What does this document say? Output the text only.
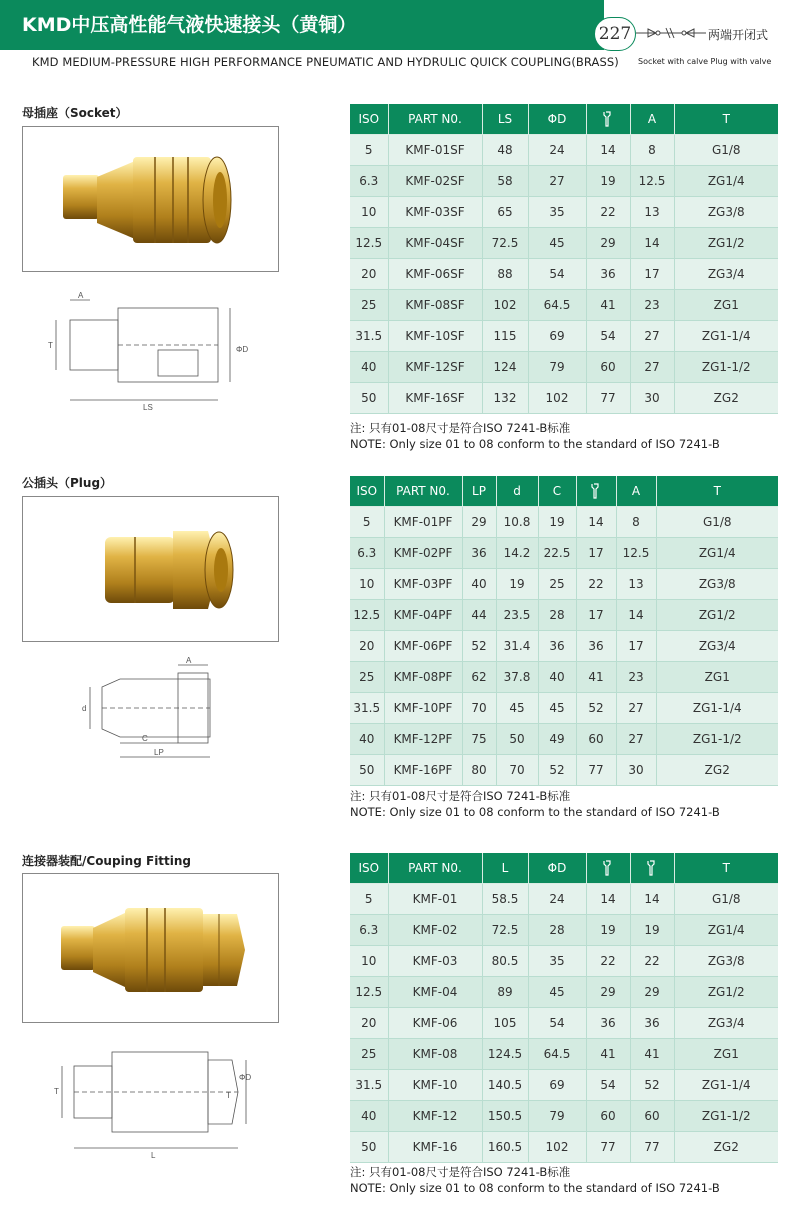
KMD中压高性能气液快速接头（黄铜）	227	两端开闭式
KMD MEDIUM-PRESSURE HIGH PERFORMANCE PNEUMATIC AND HYDRULIC QUICK COUPLING(BRASS) Socket with calve Plug with valve
母插座（Socket）
A
T	ΦD
LS
ISO	PART N0.	LS	ΦD		A	T
5	KMF-01SF	48	24	14	8	G1/8
6.3	KMF-02SF	58	27	19	12.5	ZG1/4
10	KMF-03SF	65	35	22	13	ZG3/8
12.5	KMF-04SF	72.5	45	29	14	ZG1/2
20	KMF-06SF	88	54	36	17	ZG3/4
25	KMF-08SF	102	64.5	41	23	ZG1
31.5	KMF-10SF	115	69	54	27	ZG1-1/4
40	KMF-12SF	124	79	60	27	ZG1-1/2
50	KMF-16SF	132	102	77	30	ZG2
注: 只有01-08尺寸是符合ISO 7241-B标准
NOTE: Only size 01 to 08 conform to the standard of ISO 7241-B
公插头（Plug）
A
d
C
LP
ISO	PART N0.	LP	d	C		A	T
5	KMF-01PF	29	10.8	19	14	8	G1/8
6.3	KMF-02PF	36	14.2	22.5	17	12.5	ZG1/4
10	KMF-03PF	40	19	25	22	13	ZG3/8
12.5	KMF-04PF	44	23.5	28	17	14	ZG1/2
20	KMF-06PF	52	31.4	36	36	17	ZG3/4
25	KMF-08PF	62	37.8	40	41	23	ZG1
31.5	KMF-10PF	70	45	45	52	27	ZG1-1/4
40	KMF-12PF	75	50	49	60	27	ZG1-1/2
50	KMF-16PF	80	70	52	77	30	ZG2
注: 只有01-08尺寸是符合ISO 7241-B标准
NOTE: Only size 01 to 08 conform to the standard of ISO 7241-B
连接器装配/Couping Fitting
T	T
ΦD
L
ISO	PART N0.	L	ΦD			T
5	KMF-01	58.5	24	14	14	G1/8
6.3	KMF-02	72.5	28	19	19	ZG1/4
10	KMF-03	80.5	35	22	22	ZG3/8
12.5	KMF-04	89	45	29	29	ZG1/2
20	KMF-06	105	54	36	36	ZG3/4
25	KMF-08	124.5	64.5	41	41	ZG1
31.5	KMF-10	140.5	69	54	52	ZG1-1/4
40	KMF-12	150.5	79	60	60	ZG1-1/2
50	KMF-16	160.5	102	77	77	ZG2
注: 只有01-08尺寸是符合ISO 7241-B标准
NOTE: Only size 01 to 08 conform to the standard of ISO 7241-B
